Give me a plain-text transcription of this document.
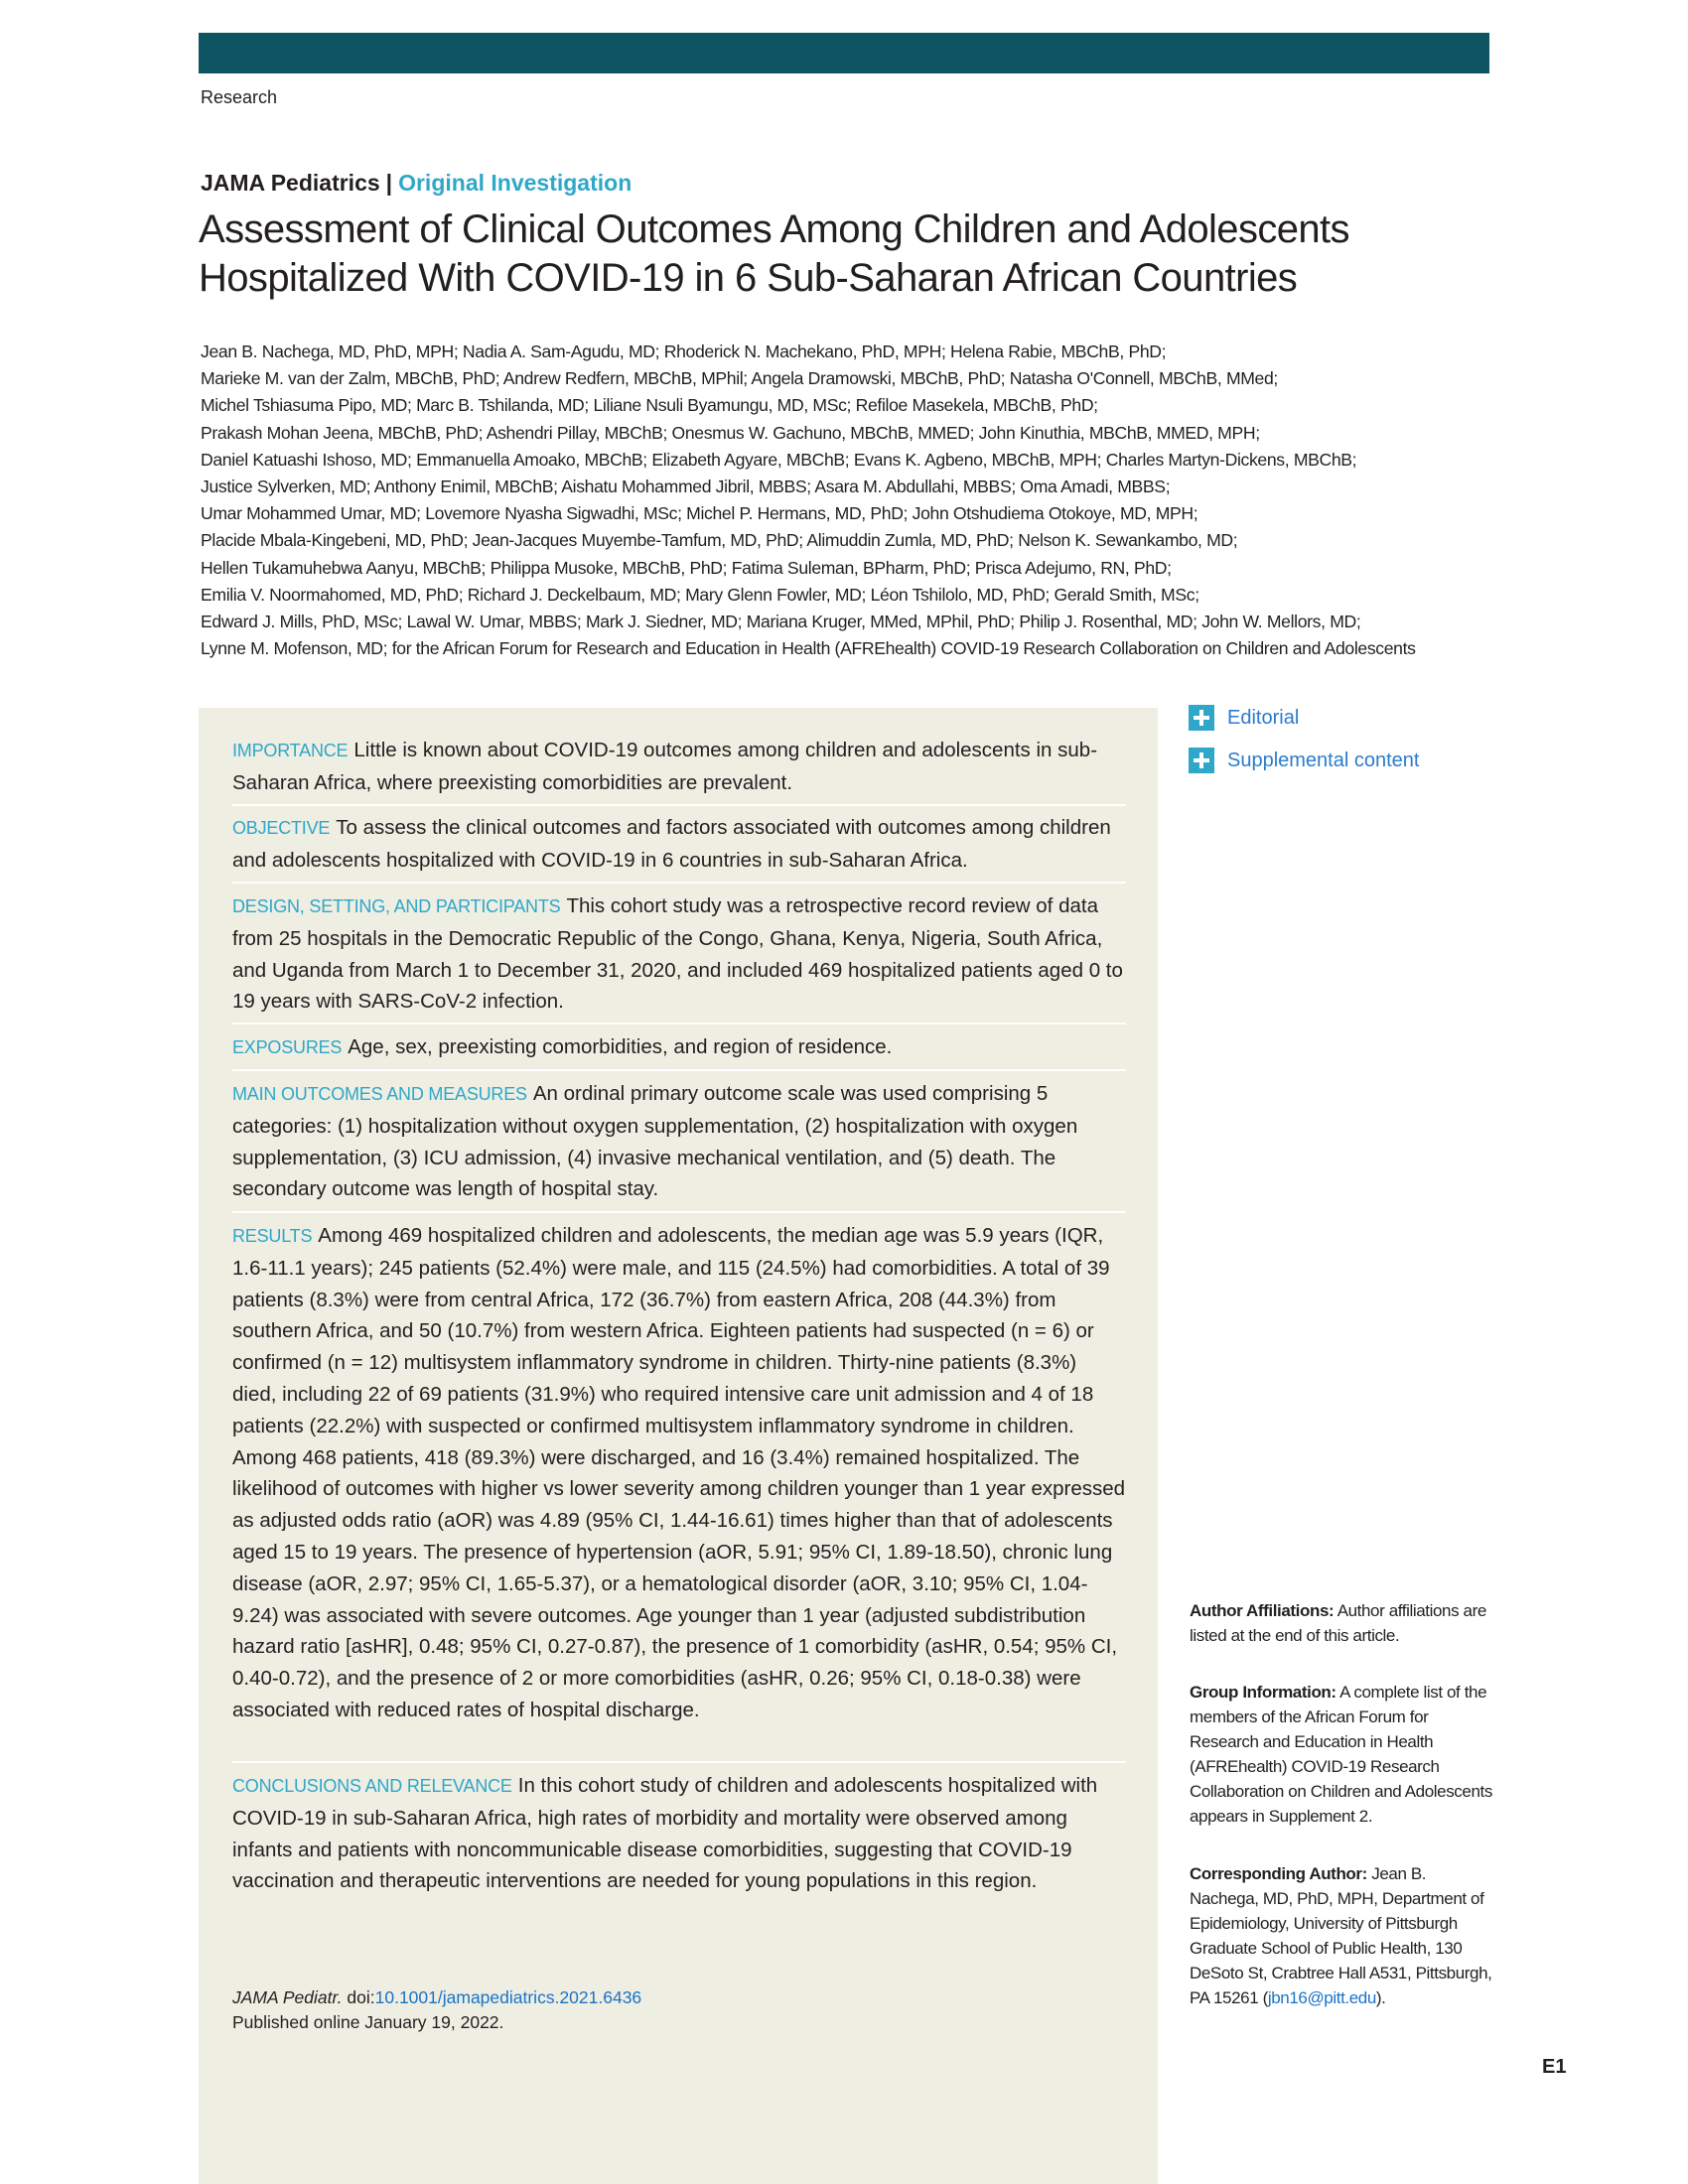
Research
JAMA Pediatrics | Original Investigation
Assessment of Clinical Outcomes Among Children and Adolescents
Hospitalized With COVID-19 in 6 Sub-Saharan African Countries
Jean B. Nachega, MD, PhD, MPH; Nadia A. Sam-Agudu, MD; Rhoderick N. Machekano, PhD, MPH; Helena Rabie, MBChB, PhD;
Marieke M. van der Zalm, MBChB, PhD; Andrew Redfern, MBChB, MPhil; Angela Dramowski, MBChB, PhD; Natasha O'Connell, MBChB, MMed;
Michel Tshiasuma Pipo, MD; Marc B. Tshilanda, MD; Liliane Nsuli Byamungu, MD, MSc; Refiloe Masekela, MBChB, PhD;
Prakash Mohan Jeena, MBChB, PhD; Ashendri Pillay, MBChB; Onesmus W. Gachuno, MBChB, MMED; John Kinuthia, MBChB, MMED, MPH;
Daniel Katuashi Ishoso, MD; Emmanuella Amoako, MBChB; Elizabeth Agyare, MBChB; Evans K. Agbeno, MBChB, MPH; Charles Martyn-Dickens, MBChB;
Justice Sylverken, MD; Anthony Enimil, MBChB; Aishatu Mohammed Jibril, MBBS; Asara M. Abdullahi, MBBS; Oma Amadi, MBBS;
Umar Mohammed Umar, MD; Lovemore Nyasha Sigwadhi, MSc; Michel P. Hermans, MD, PhD; John Otshudiema Otokoye, MD, MPH;
Placide Mbala-Kingebeni, MD, PhD; Jean-Jacques Muyembe-Tamfum, MD, PhD; Alimuddin Zumla, MD, PhD; Nelson K. Sewankambo, MD;
Hellen Tukamuhebwa Aanyu, MBChB; Philippa Musoke, MBChB, PhD; Fatima Suleman, BPharm, PhD; Prisca Adejumo, RN, PhD;
Emilia V. Noormahomed, MD, PhD; Richard J. Deckelbaum, MD; Mary Glenn Fowler, MD; Léon Tshilolo, MD, PhD; Gerald Smith, MSc;
Edward J. Mills, PhD, MSc; Lawal W. Umar, MBBS; Mark J. Siedner, MD; Mariana Kruger, MMed, MPhil, PhD; Philip J. Rosenthal, MD; John W. Mellors, MD;
Lynne M. Mofenson, MD; for the African Forum for Research and Education in Health (AFREhealth) COVID-19 Research Collaboration on Children and Adolescents
IMPORTANCE Little is known about COVID-19 outcomes among children and adolescents in sub-Saharan Africa, where preexisting comorbidities are prevalent.
OBJECTIVE To assess the clinical outcomes and factors associated with outcomes among children and adolescents hospitalized with COVID-19 in 6 countries in sub-Saharan Africa.
DESIGN, SETTING, AND PARTICIPANTS This cohort study was a retrospective record review of data from 25 hospitals in the Democratic Republic of the Congo, Ghana, Kenya, Nigeria, South Africa, and Uganda from March 1 to December 31, 2020, and included 469 hospitalized patients aged 0 to 19 years with SARS-CoV-2 infection.
EXPOSURES Age, sex, preexisting comorbidities, and region of residence.
MAIN OUTCOMES AND MEASURES An ordinal primary outcome scale was used comprising 5 categories: (1) hospitalization without oxygen supplementation, (2) hospitalization with oxygen supplementation, (3) ICU admission, (4) invasive mechanical ventilation, and (5) death. The secondary outcome was length of hospital stay.
RESULTS Among 469 hospitalized children and adolescents, the median age was 5.9 years (IQR, 1.6-11.1 years); 245 patients (52.4%) were male, and 115 (24.5%) had comorbidities. A total of 39 patients (8.3%) were from central Africa, 172 (36.7%) from eastern Africa, 208 (44.3%) from southern Africa, and 50 (10.7%) from western Africa. Eighteen patients had suspected (n = 6) or confirmed (n = 12) multisystem inflammatory syndrome in children. Thirty-nine patients (8.3%) died, including 22 of 69 patients (31.9%) who required intensive care unit admission and 4 of 18 patients (22.2%) with suspected or confirmed multisystem inflammatory syndrome in children. Among 468 patients, 418 (89.3%) were discharged, and 16 (3.4%) remained hospitalized. The likelihood of outcomes with higher vs lower severity among children younger than 1 year expressed as adjusted odds ratio (aOR) was 4.89 (95% CI, 1.44-16.61) times higher than that of adolescents aged 15 to 19 years. The presence of hypertension (aOR, 5.91; 95% CI, 1.89-18.50), chronic lung disease (aOR, 2.97; 95% CI, 1.65-5.37), or a hematological disorder (aOR, 3.10; 95% CI, 1.04-9.24) was associated with severe outcomes. Age younger than 1 year (adjusted subdistribution hazard ratio [asHR], 0.48; 95% CI, 0.27-0.87), the presence of 1 comorbidity (asHR, 0.54; 95% CI, 0.40-0.72), and the presence of 2 or more comorbidities (asHR, 0.26; 95% CI, 0.18-0.38) were associated with reduced rates of hospital discharge.
CONCLUSIONS AND RELEVANCE In this cohort study of children and adolescents hospitalized with COVID-19 in sub-Saharan Africa, high rates of morbidity and mortality were observed among infants and patients with noncommunicable disease comorbidities, suggesting that COVID-19 vaccination and therapeutic interventions are needed for young populations in this region.
JAMA Pediatr. doi:10.1001/jamapediatrics.2021.6436
Published online January 19, 2022.
Editorial
Supplemental content
Author Affiliations: Author affiliations are listed at the end of this article.
Group Information: A complete list of the members of the African Forum for Research and Education in Health (AFREhealth) COVID-19 Research Collaboration on Children and Adolescents appears in Supplement 2.
Corresponding Author: Jean B. Nachega, MD, PhD, MPH, Department of Epidemiology, University of Pittsburgh Graduate School of Public Health, 130 DeSoto St, Crabtree Hall A531, Pittsburgh, PA 15261 (jbn16@pitt.edu).
E1
